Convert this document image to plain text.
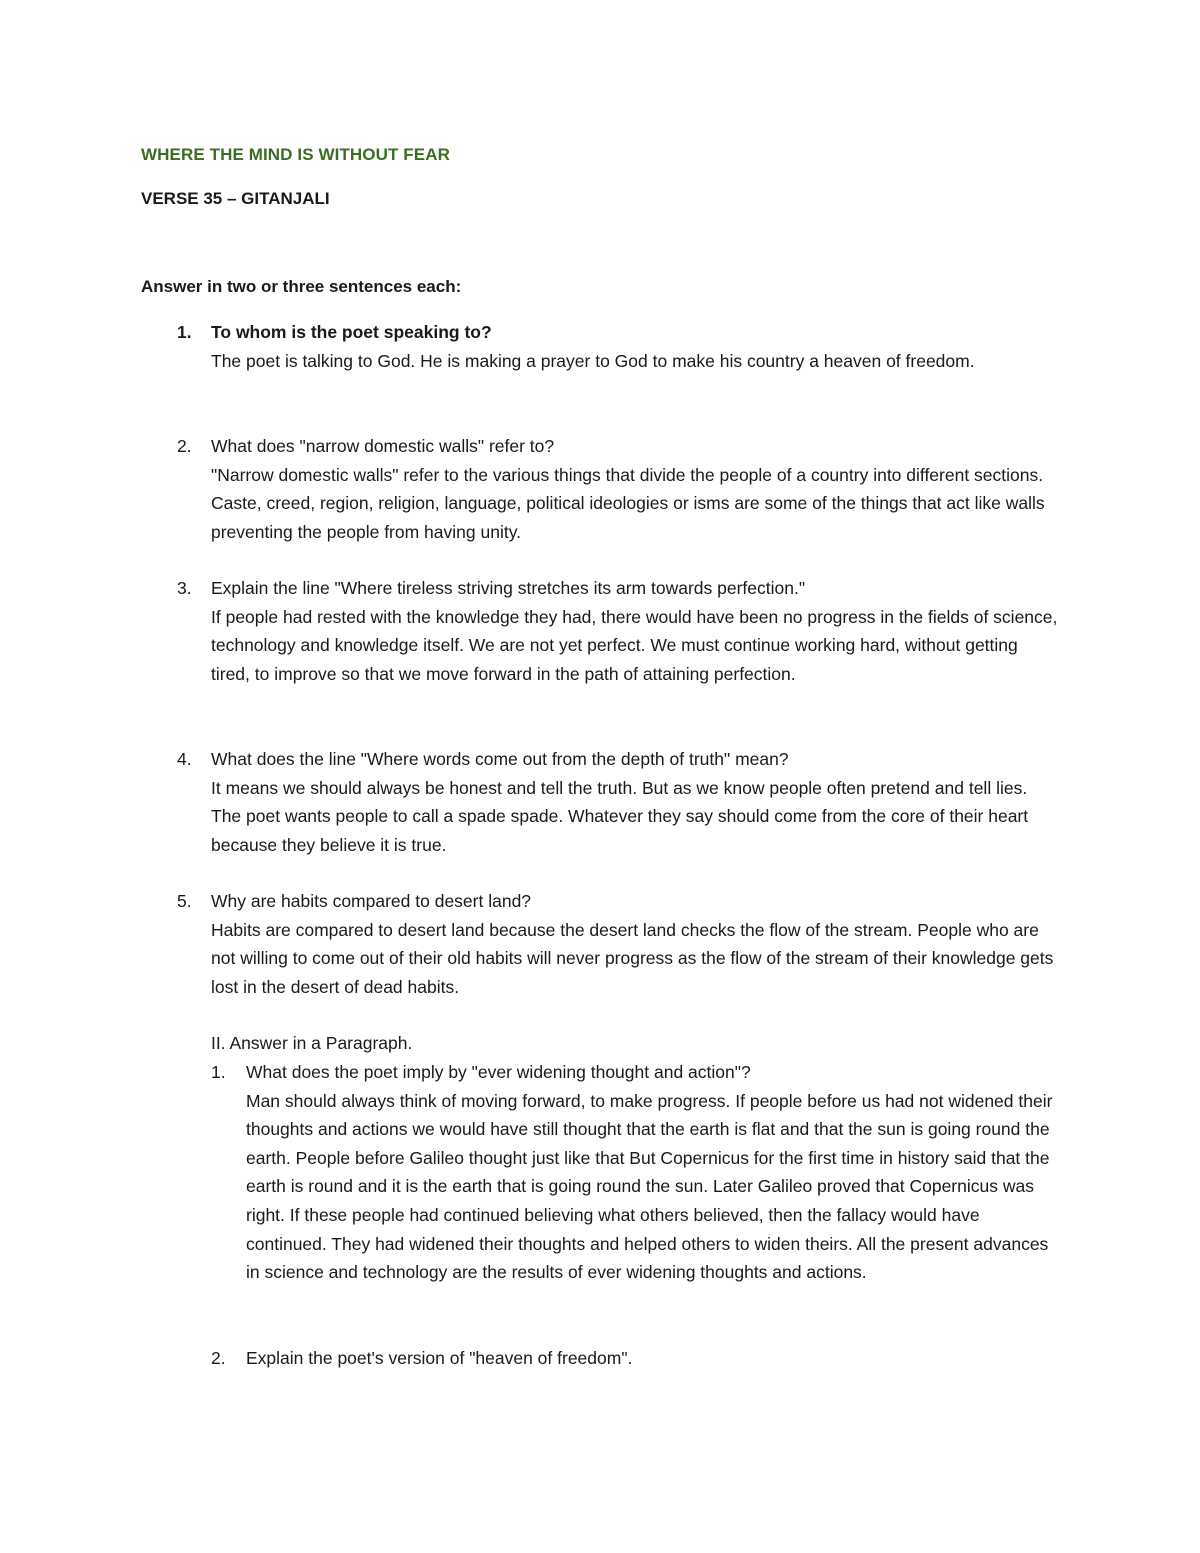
WHERE THE MIND IS WITHOUT FEAR
VERSE 35 – GITANJALI
Answer in two or three sentences each:
1.	To whom is the poet speaking to?
The poet is talking to God. He is making a prayer to God to make his country a heaven of freedom.
2.	What does "narrow domestic walls" refer to?
"Narrow domestic walls" refer to the various things that divide the people of a country into different sections. Caste, creed, region, religion, language, political ideologies or isms are some of the things that act like walls preventing the people from having unity.
3.	Explain the line "Where tireless striving stretches its arm towards perfection."
If people had rested with the knowledge they had, there would have been no progress in the fields of science, technology and knowledge itself. We are not yet perfect. We must continue working hard, without getting tired, to improve so that we move forward in the path of attaining perfection.
4.	What does the line "Where words come out from the depth of truth" mean?
It means we should always be honest and tell the truth. But as we know people often pretend and tell lies. The poet wants people to call a spade spade. Whatever they say should come from the core of their heart because they believe it is true.
5.	Why are habits compared to desert land?
Habits are compared to desert land because the desert land checks the flow of the stream. People who are not willing to come out of their old habits will never progress as the flow of the stream of their knowledge gets lost in the desert of dead habits.
II. Answer in a Paragraph.
1.	What does the poet imply by "ever widening thought and action"?
Man should always think of moving forward, to make progress. If people before us had not widened their thoughts and actions we would have still thought that the earth is flat and that the sun is going round the earth. People before Galileo thought just like that But Copernicus for the first time in history said that the earth is round and it is the earth that is going round the sun. Later Galileo proved that Copernicus was right. If these people had continued believing what others believed, then the fallacy would have continued. They had widened their thoughts and helped others to widen theirs. All the present advances in science and technology are the results of ever widening thoughts and actions.
2.	Explain the poet's version of "heaven of freedom".
